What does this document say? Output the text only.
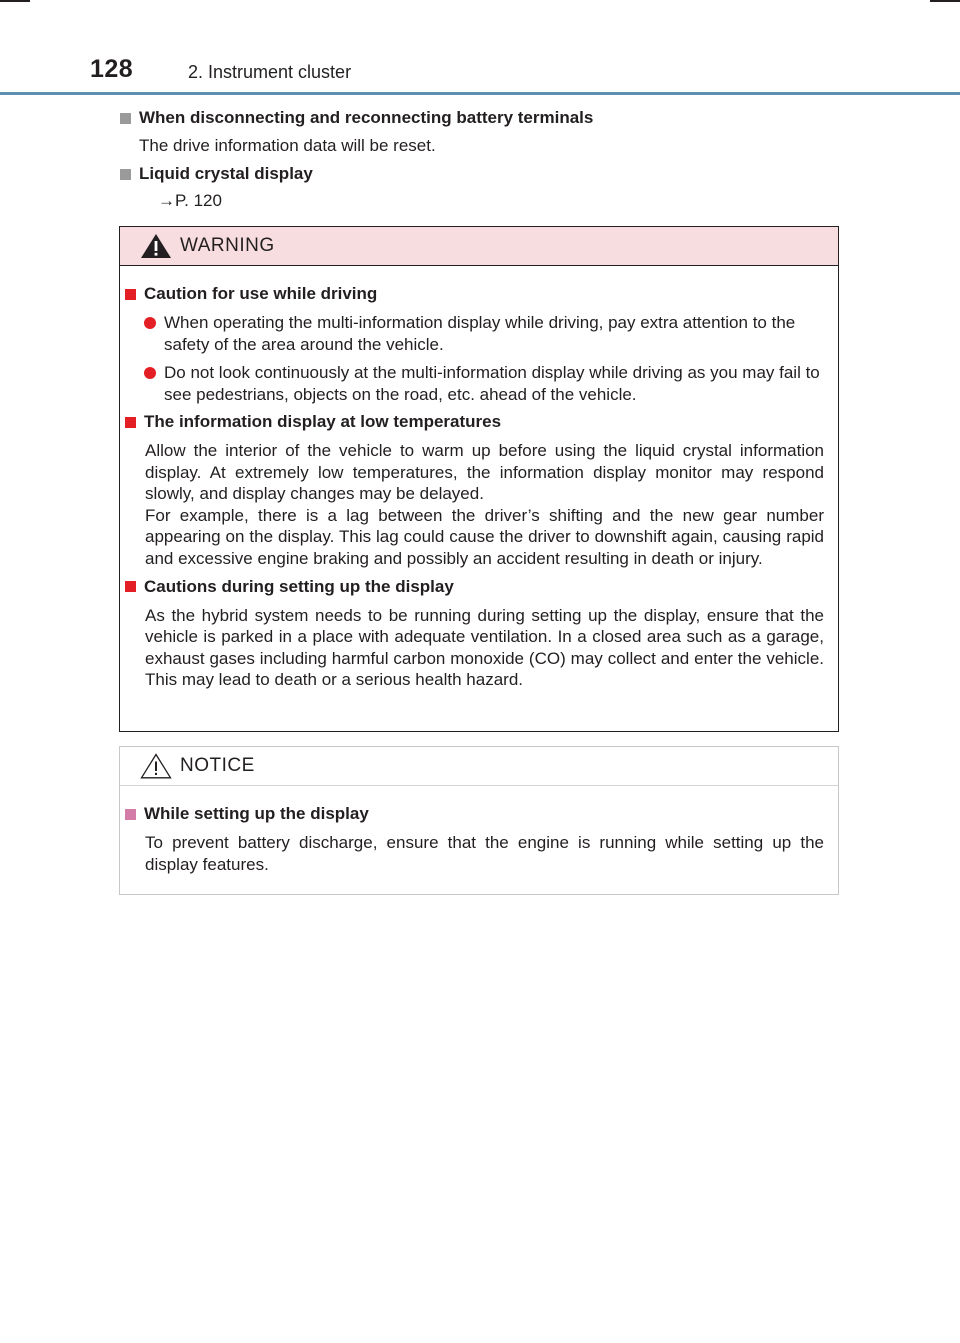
128	2. Instrument cluster
When disconnecting and reconnecting battery terminals
The drive information data will be reset.
Liquid crystal display
→P. 120
WARNING
Caution for use while driving
When operating the multi-information display while driving, pay extra attention to the safety of the area around the vehicle.
Do not look continuously at the multi-information display while driving as you may fail to see pedestrians, objects on the road, etc. ahead of the vehicle.
The information display at low temperatures
Allow the interior of the vehicle to warm up before using the liquid crystal information display. At extremely low temperatures, the information display monitor may respond slowly, and display changes may be delayed.
For example, there is a lag between the driver’s shifting and the new gear number appearing on the display. This lag could cause the driver to downshift again, causing rapid and excessive engine braking and possibly an accident resulting in death or injury.
Cautions during setting up the display
As the hybrid system needs to be running during setting up the display, ensure that the vehicle is parked in a place with adequate ventilation. In a closed area such as a garage, exhaust gases including harmful carbon monoxide (CO) may collect and enter the vehicle. This may lead to death or a serious health hazard.
NOTICE
While setting up the display
To prevent battery discharge, ensure that the engine is running while setting up the display features.
